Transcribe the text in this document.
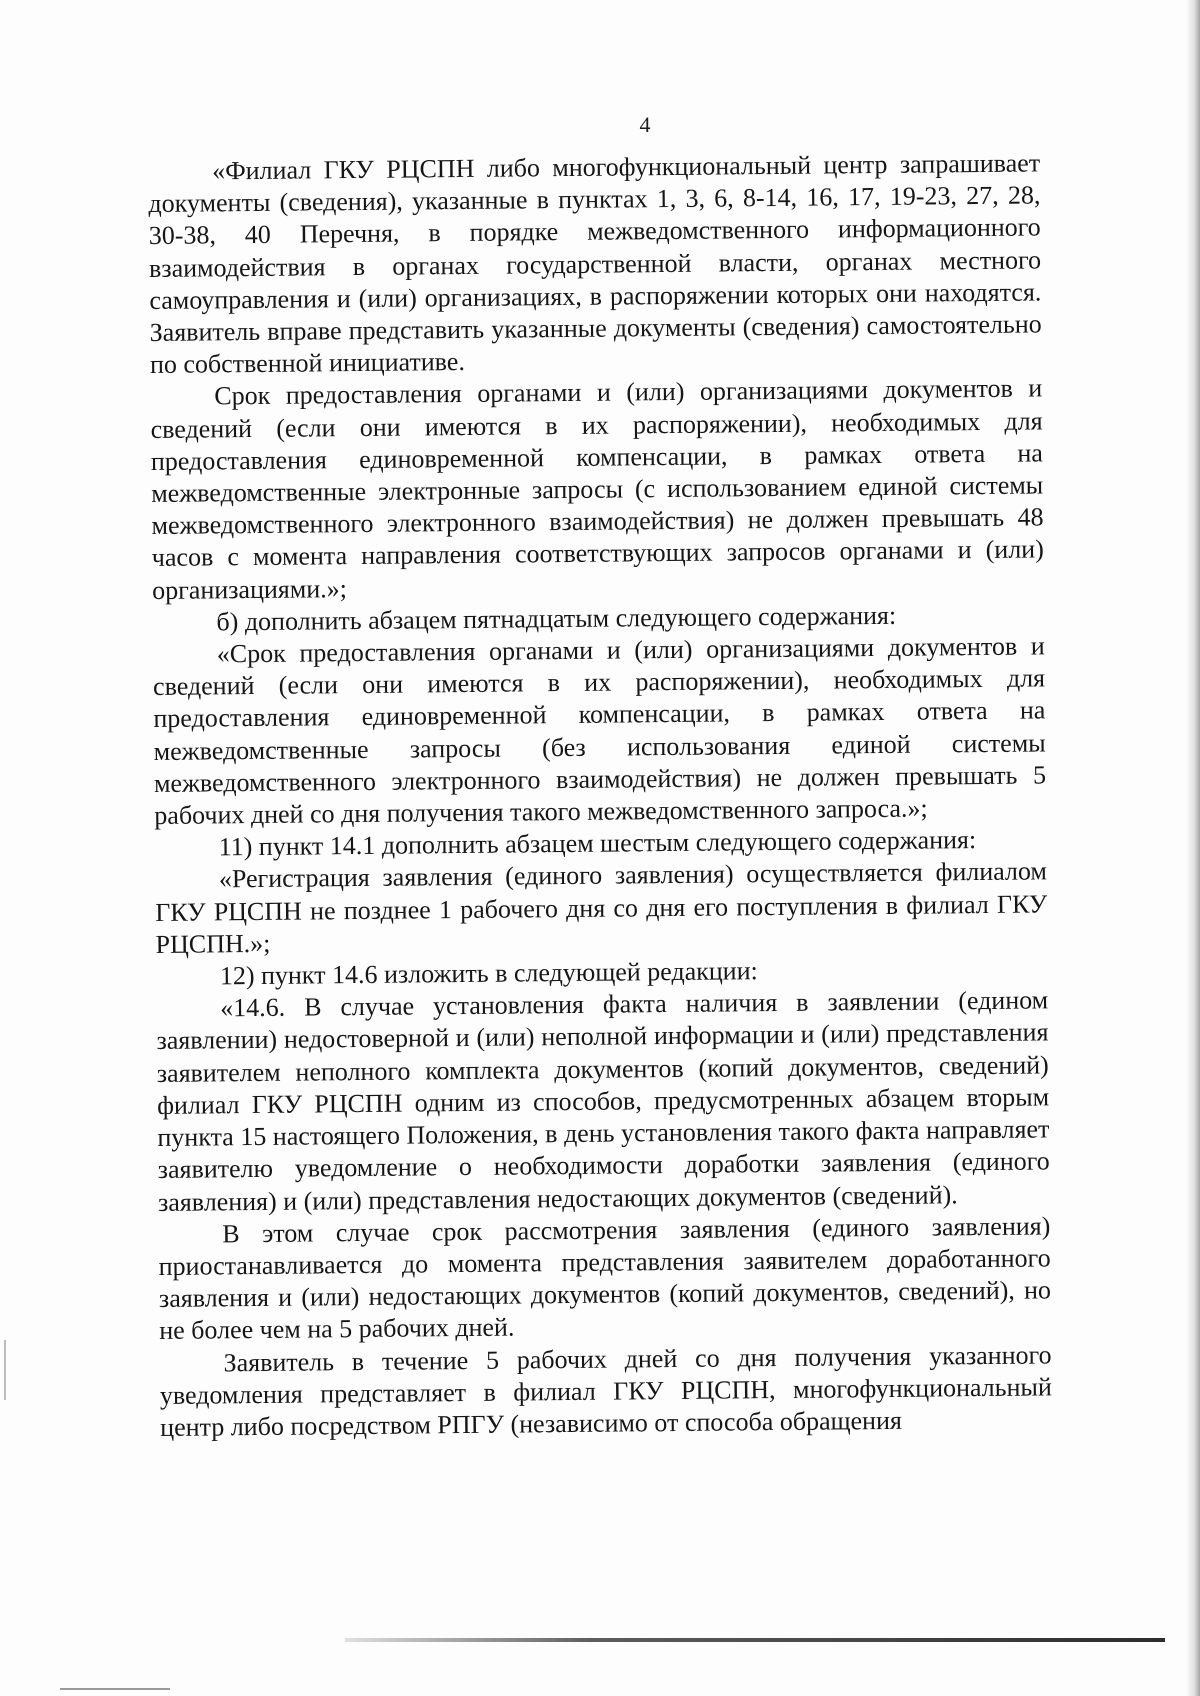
4

«Филиал ГКУ РЦСПН либо многофункциональный центр запрашивает документы (сведения), указанные в пунктах 1, 3, 6, 8-14, 16, 17, 19-23, 27, 28, 30-38, 40 Перечня, в порядке межведомственного информационного взаимодействия в органах государственной власти, органах местного самоуправления и (или) организациях, в распоряжении которых они находятся. Заявитель вправе представить указанные документы (сведения) самостоятельно по собственной инициативе.

Срок предоставления органами и (или) организациями документов и сведений (если они имеются в их распоряжении), необходимых для предоставления единовременной компенсации, в рамках ответа на межведомственные электронные запросы (с использованием единой системы межведомственного электронного взаимодействия) не должен превышать 48 часов с момента направления соответствующих запросов органами и (или) организациями.»;

б) дополнить абзацем пятнадцатым следующего содержания:

«Срок предоставления органами и (или) организациями документов и сведений (если они имеются в их распоряжении), необходимых для предоставления единовременной компенсации, в рамках ответа на межведомственные запросы (без использования единой системы межведомственного электронного взаимодействия) не должен превышать 5 рабочих дней со дня получения такого межведомственного запроса.»;

11) пункт 14.1 дополнить абзацем шестым следующего содержания:

«Регистрация заявления (единого заявления) осуществляется филиалом ГКУ РЦСПН не позднее 1 рабочего дня со дня его поступления в филиал ГКУ РЦСПН.»;

12) пункт 14.6 изложить в следующей редакции:

«14.6. В случае установления факта наличия в заявлении (едином заявлении) недостоверной и (или) неполной информации и (или) представления заявителем неполного комплекта документов (копий документов, сведений) филиал ГКУ РЦСПН одним из способов, предусмотренных абзацем вторым пункта 15 настоящего Положения, в день установления такого факта направляет заявителю уведомление о необходимости доработки заявления (единого заявления) и (или) представления недостающих документов (сведений).

В этом случае срок рассмотрения заявления (единого заявления) приостанавливается до момента представления заявителем доработанного заявления и (или) недостающих документов (копий документов, сведений), но не более чем на 5 рабочих дней.

Заявитель в течение 5 рабочих дней со дня получения указанного уведомления представляет в филиал ГКУ РЦСПН, многофункциональный центр либо посредством РПГУ (независимо от способа обращения
